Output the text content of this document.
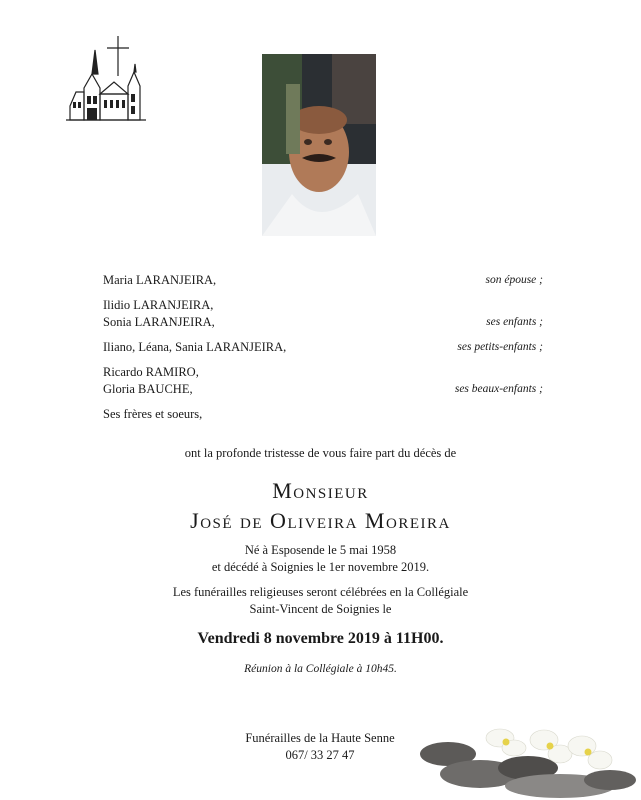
Maria LARANJEIRA,	son épouse ;
Ilidio LARANJEIRA,
Sonia LARANJEIRA,	ses enfants ;
Iliano, Léana, Sania LARANJEIRA,	ses petits-enfants ;
Ricardo RAMIRO,
Gloria BAUCHE,	ses beaux-enfants ;
Ses frères et soeurs,
ont la profonde tristesse de vous faire part du décès de
Monsieur
José de Oliveira Moreira
Né à Esposende le 5 mai 1958
et décédé à Soignies le 1er novembre 2019.
Les funérailles religieuses seront célébrées en la Collégiale
Saint-Vincent de Soignies le
Vendredi 8 novembre 2019 à 11H00.
Réunion à la Collégiale à 10h45.
Funérailles de la Haute Senne
067/ 33 27 47
